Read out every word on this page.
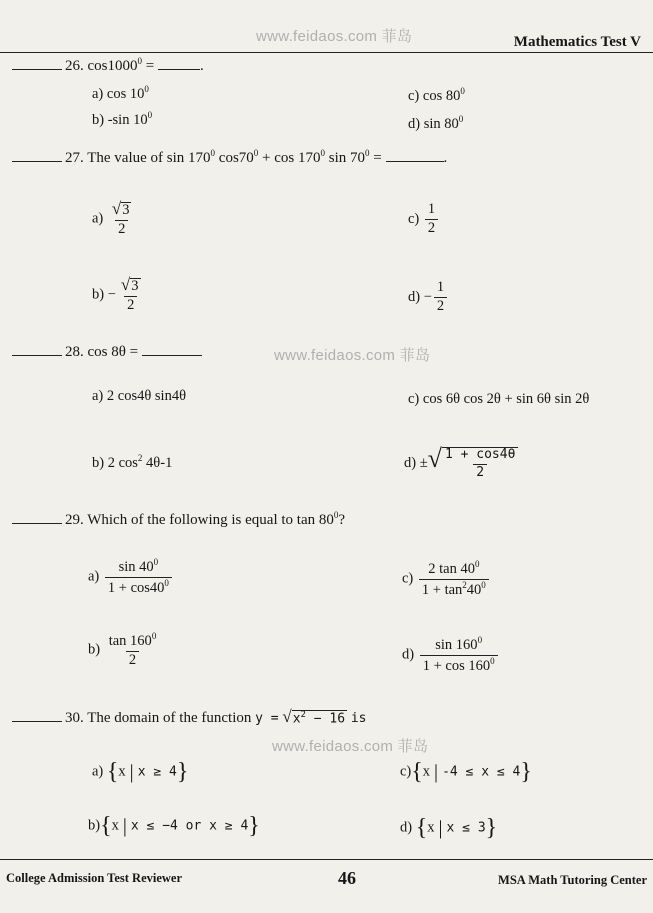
www.feidaos.com 菲岛
www.feidaos.com 菲岛
www.feidaos.com 菲岛
Mathematics Test V
26. $\cos 1000^0$ =	.
a) $\cos 10^0$
b) -sin $10^0$
c) $\cos 80^0$
d) $\sin 80^0$
27. The value of $\sin 170^0$ $\cos 70^0 + \cos 170^0$ $\sin 70^0$ =	.
$a) \frac{√3}{2}$	$c) \frac{1}{2}$
$b) - \frac{√3}{2}$	$d) - \frac{1}{2}$
28. cos 8θ =
a) 2 cos4θ sin4θ	c) cos 6θ cos 2θ + sin 6θ sin 2θ
b) 2 $\cos^2 4\theta-1$	d) ±√ $\frac{1 + \cos 4\theta}{2}$
29. Which of the following is equal to $\tan 80^0$?
$a) \frac{\sin 40^0}{1 + \cos 40^0}$	$c) \frac{2 \tan 40^0}{1 + \tan^240^0}$
$b) \frac{\tan 160^0}{2}$	$d) \frac{\sin 160^0}{1 + \cos 160^0}$
30. The domain of the function $y = √x^2 - 16$ is
a) {x | x ≥ 4}	c){x | -4 ≤ x ≤ 4}
b){x | x ≤ −4 or x ≥ 4}	d) {x | x ≤ 3}
College Admission Test Reviewer	46	MSA Math Tutoring Center
